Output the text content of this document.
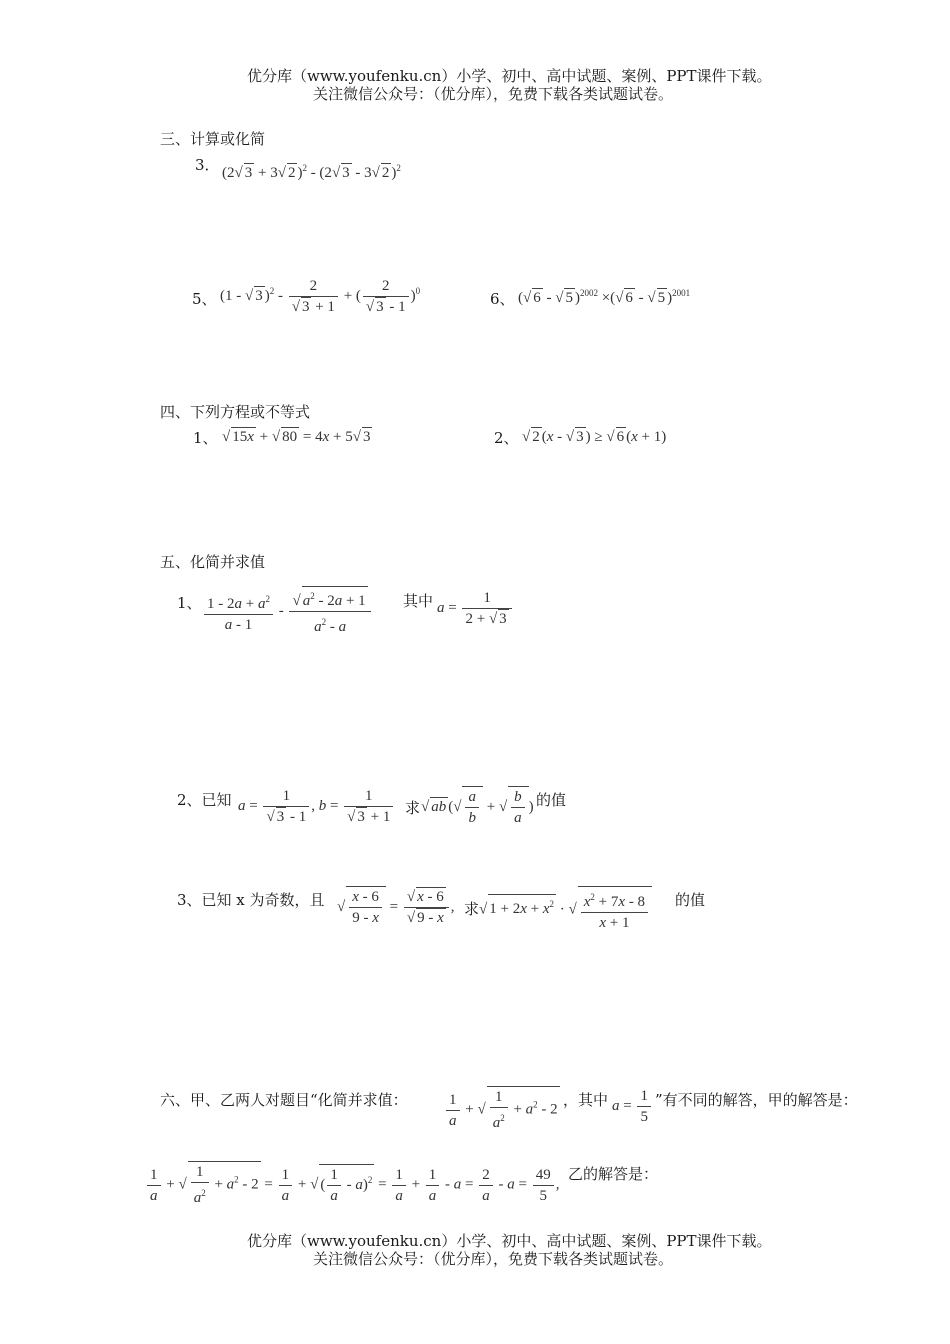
优分库（www.youfenku.cn）小学、初中、高中试题、案例、PPT课件下载。
关注微信公众号：（优分库），免费下载各类试题试卷。
三、计算或化简
3． (2√ 3 + 3√ 2 )$^2$ - (2√ 3 - 3√ 2 )$^2$
5、 (1 - √ 3 )$^2 - \frac{2}{√ 3 + 1}$ + ( $\frac{2}{√ 3 - 1} )^0$	6、 (√ 6 - √ 5 )$^{2002}$ ×(√ 6 - √ 5 )$^{2001}$
四、下列方程或不等式
1、 √ 15x + √ 80 = 4x + 5√ 3	2、 √ 2 (x - √ 3 ) ≥ √ 6 (x + 1)
五、化简并求值
1、 $\frac{1 - 2a + a^2}{a - 1} - \frac{√ a^2 - 2a + 1}{a^2 - a}$ 其中 $a = \frac{1}{2 + √ 3}$
2、已知 $a = \frac{1}{√ 3 - 1}$ , $b = \frac{1}{√ 3 + 1}$ 求 √ ab (√ $\frac{a}{b}$ + √ $\frac{b}{a}$ ) 的值
3、已知 x 为奇数，且 √ $\frac{x - 6}{9 - x} = \frac{√ x - 6}{√ 9 - x}$ , 求 √ $1 + 2x + x^2$ · √ $\frac{x^2 + 7x - 8}{x + 1}$ 的值
六、甲、乙两人对题目“化简并求值：	$\frac{1}{a}$ + √ $\frac{1}{a^2} + a^2 - 2$
，其中 $a = \frac{1}{5}$ ”有不同的解答，甲的解答是：
$\frac{1}{a}$ + √ $\frac{1}{a^2} + a^2 - 2 = \frac{1}{a}$ + √ ( $\frac{1}{a} - a)^2 = \frac{1}{a} + \frac{1}{a} - a = \frac{2}{a} - a = \frac{49}{5}$ ,
乙的解答是：
优分库（www.youfenku.cn）小学、初中、高中试题、案例、PPT课件下载。
关注微信公众号：（优分库），免费下载各类试题试卷。
